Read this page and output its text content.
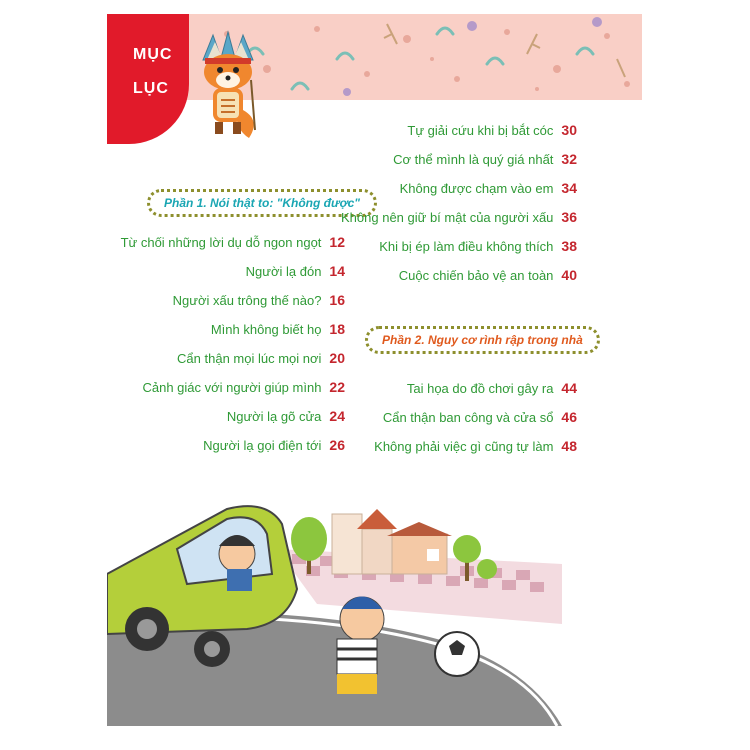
MỤC
LỤC
Phần 1. Nói thật to: "Không được"
Từ chối những lời dụ dỗ ngon ngọt 12
Người lạ đón 14
Người xấu trông thế nào? 16
Mình không biết họ 18
Cẩn thận mọi lúc mọi nơi 20
Cảnh giác với người giúp mình 22
Người lạ gõ cửa 24
Người lạ gọi điện tới 26
Tự giải cứu khi bị bắt cóc 30
Cơ thể mình là quý giá nhất 32
Không được chạm vào em 34
Không nên giữ bí mật của người xấu 36
Khi bị ép làm điều không thích 38
Cuộc chiến bảo vệ an toàn 40
Phần 2. Nguy cơ rình rập trong nhà
Tai họa do đồ chơi gây ra 44
Cẩn thận ban công và cửa sổ 46
Không phải việc gì cũng tự làm 48
